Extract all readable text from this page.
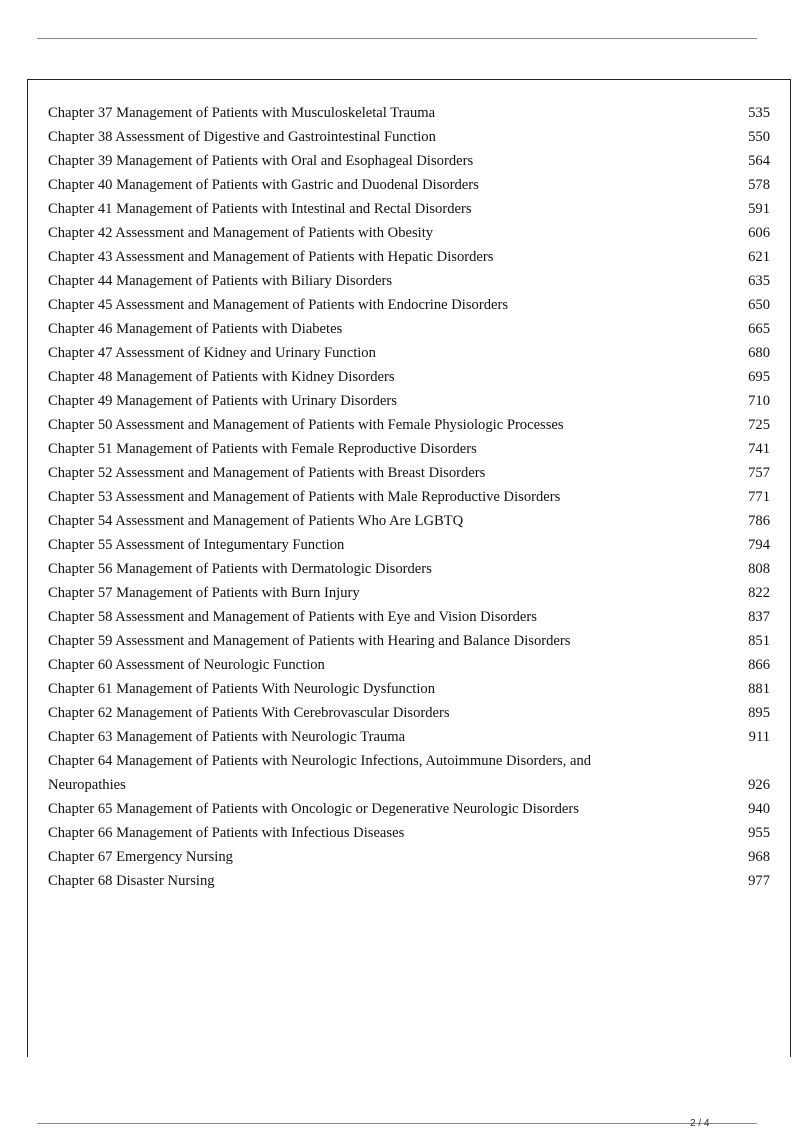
Chapter 37 Management of Patients with Musculoskeletal Trauma	535
Chapter 38 Assessment of Digestive and Gastrointestinal Function	550
Chapter 39 Management of Patients with Oral and Esophageal Disorders	564
Chapter 40 Management of Patients with Gastric and Duodenal Disorders	578
Chapter 41 Management of Patients with Intestinal and Rectal Disorders	591
Chapter 42 Assessment and Management of Patients with Obesity	606
Chapter 43 Assessment and Management of Patients with Hepatic Disorders	621
Chapter 44 Management of Patients with Biliary Disorders	635
Chapter 45 Assessment and Management of Patients with Endocrine Disorders	650
Chapter 46 Management of Patients with Diabetes	665
Chapter 47 Assessment of Kidney and Urinary Function	680
Chapter 48 Management of Patients with Kidney Disorders	695
Chapter 49 Management of Patients with Urinary Disorders	710
Chapter 50 Assessment and Management of Patients with Female Physiologic Processes	725
Chapter 51 Management of Patients with Female Reproductive Disorders	741
Chapter 52 Assessment and Management of Patients with Breast Disorders	757
Chapter 53 Assessment and Management of Patients with Male Reproductive Disorders	771
Chapter 54 Assessment and Management of Patients Who Are LGBTQ	786
Chapter 55 Assessment of Integumentary Function	794
Chapter 56 Management of Patients with Dermatologic Disorders	808
Chapter 57 Management of Patients with Burn Injury	822
Chapter 58 Assessment and Management of Patients with Eye and Vision Disorders	837
Chapter 59 Assessment and Management of Patients with Hearing and Balance Disorders	851
Chapter 60 Assessment of Neurologic Function	866
Chapter 61 Management of Patients With Neurologic Dysfunction	881
Chapter 62 Management of Patients With Cerebrovascular Disorders	895
Chapter 63 Management of Patients with Neurologic Trauma	911
Chapter 64 Management of Patients with Neurologic Infections, Autoimmune Disorders, and Neuropathies	926
Chapter 65 Management of Patients with Oncologic or Degenerative Neurologic Disorders	940
Chapter 66 Management of Patients with Infectious Diseases	955
Chapter 67 Emergency Nursing	968
Chapter 68 Disaster Nursing	977
2 / 4
